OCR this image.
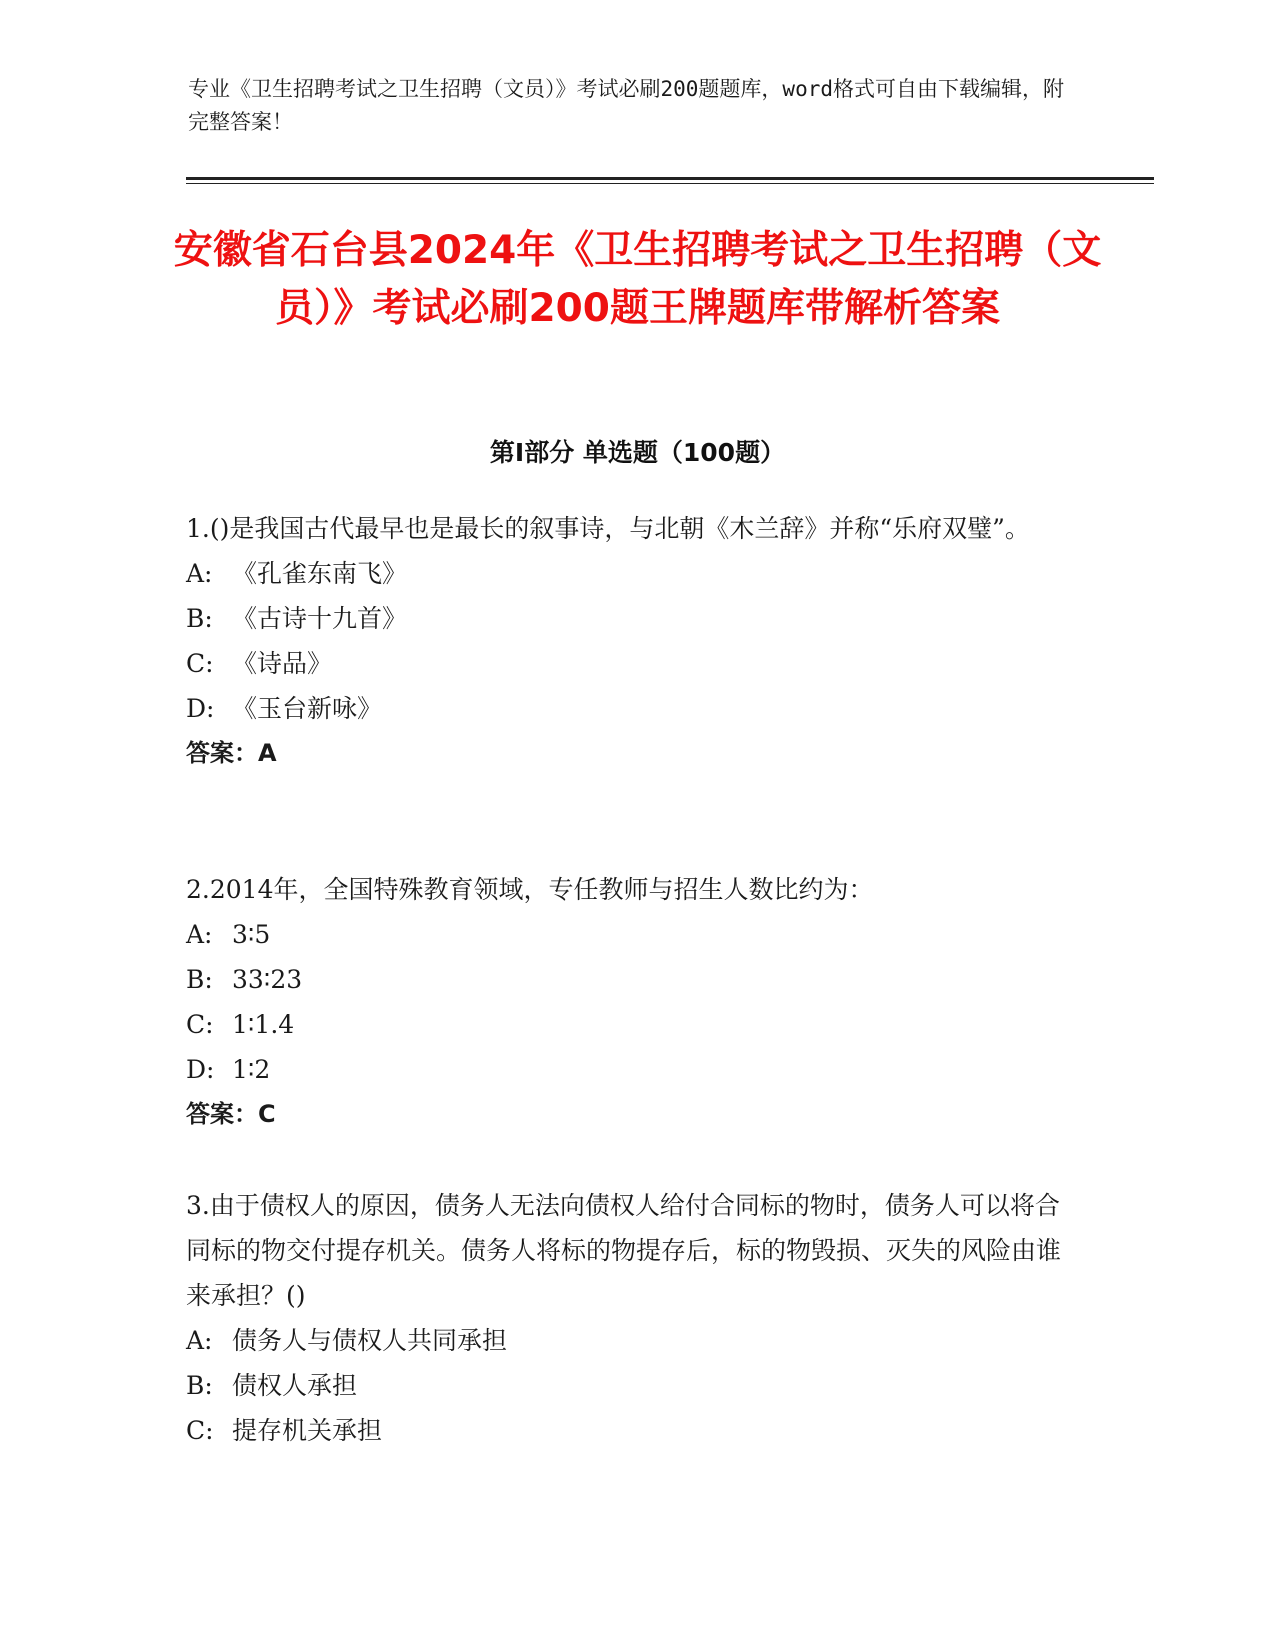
专业《卫生招聘考试之卫生招聘（文员）》考试必刷200题题库，word格式可自由下载编辑，附完整答案！
安徽省石台县2024年《卫生招聘考试之卫生招聘（文员）》考试必刷200题王牌题库带解析答案
第Ⅰ部分 单选题（100题）

1.()是我国古代最早也是最长的叙事诗，与北朝《木兰辞》并称“乐府双璧”。

A: 《孔雀东南飞》

B: 《古诗十九首》

C: 《诗品》

D: 《玉台新咏》

答案：A

2.2014年，全国特殊教育领域，专任教师与招生人数比约为：

A: 3∶5

B: 33∶23

C: 1∶1.4

D: 1∶2

答案：C

3.由于债权人的原因，债务人无法向债权人给付合同标的物时，债务人可以将合同标的物交付提存机关。债务人将标的物提存后，标的物毁损、灭失的风险由谁来承担？()

A: 债务人与债权人共同承担

B: 债权人承担

C: 提存机关承担
